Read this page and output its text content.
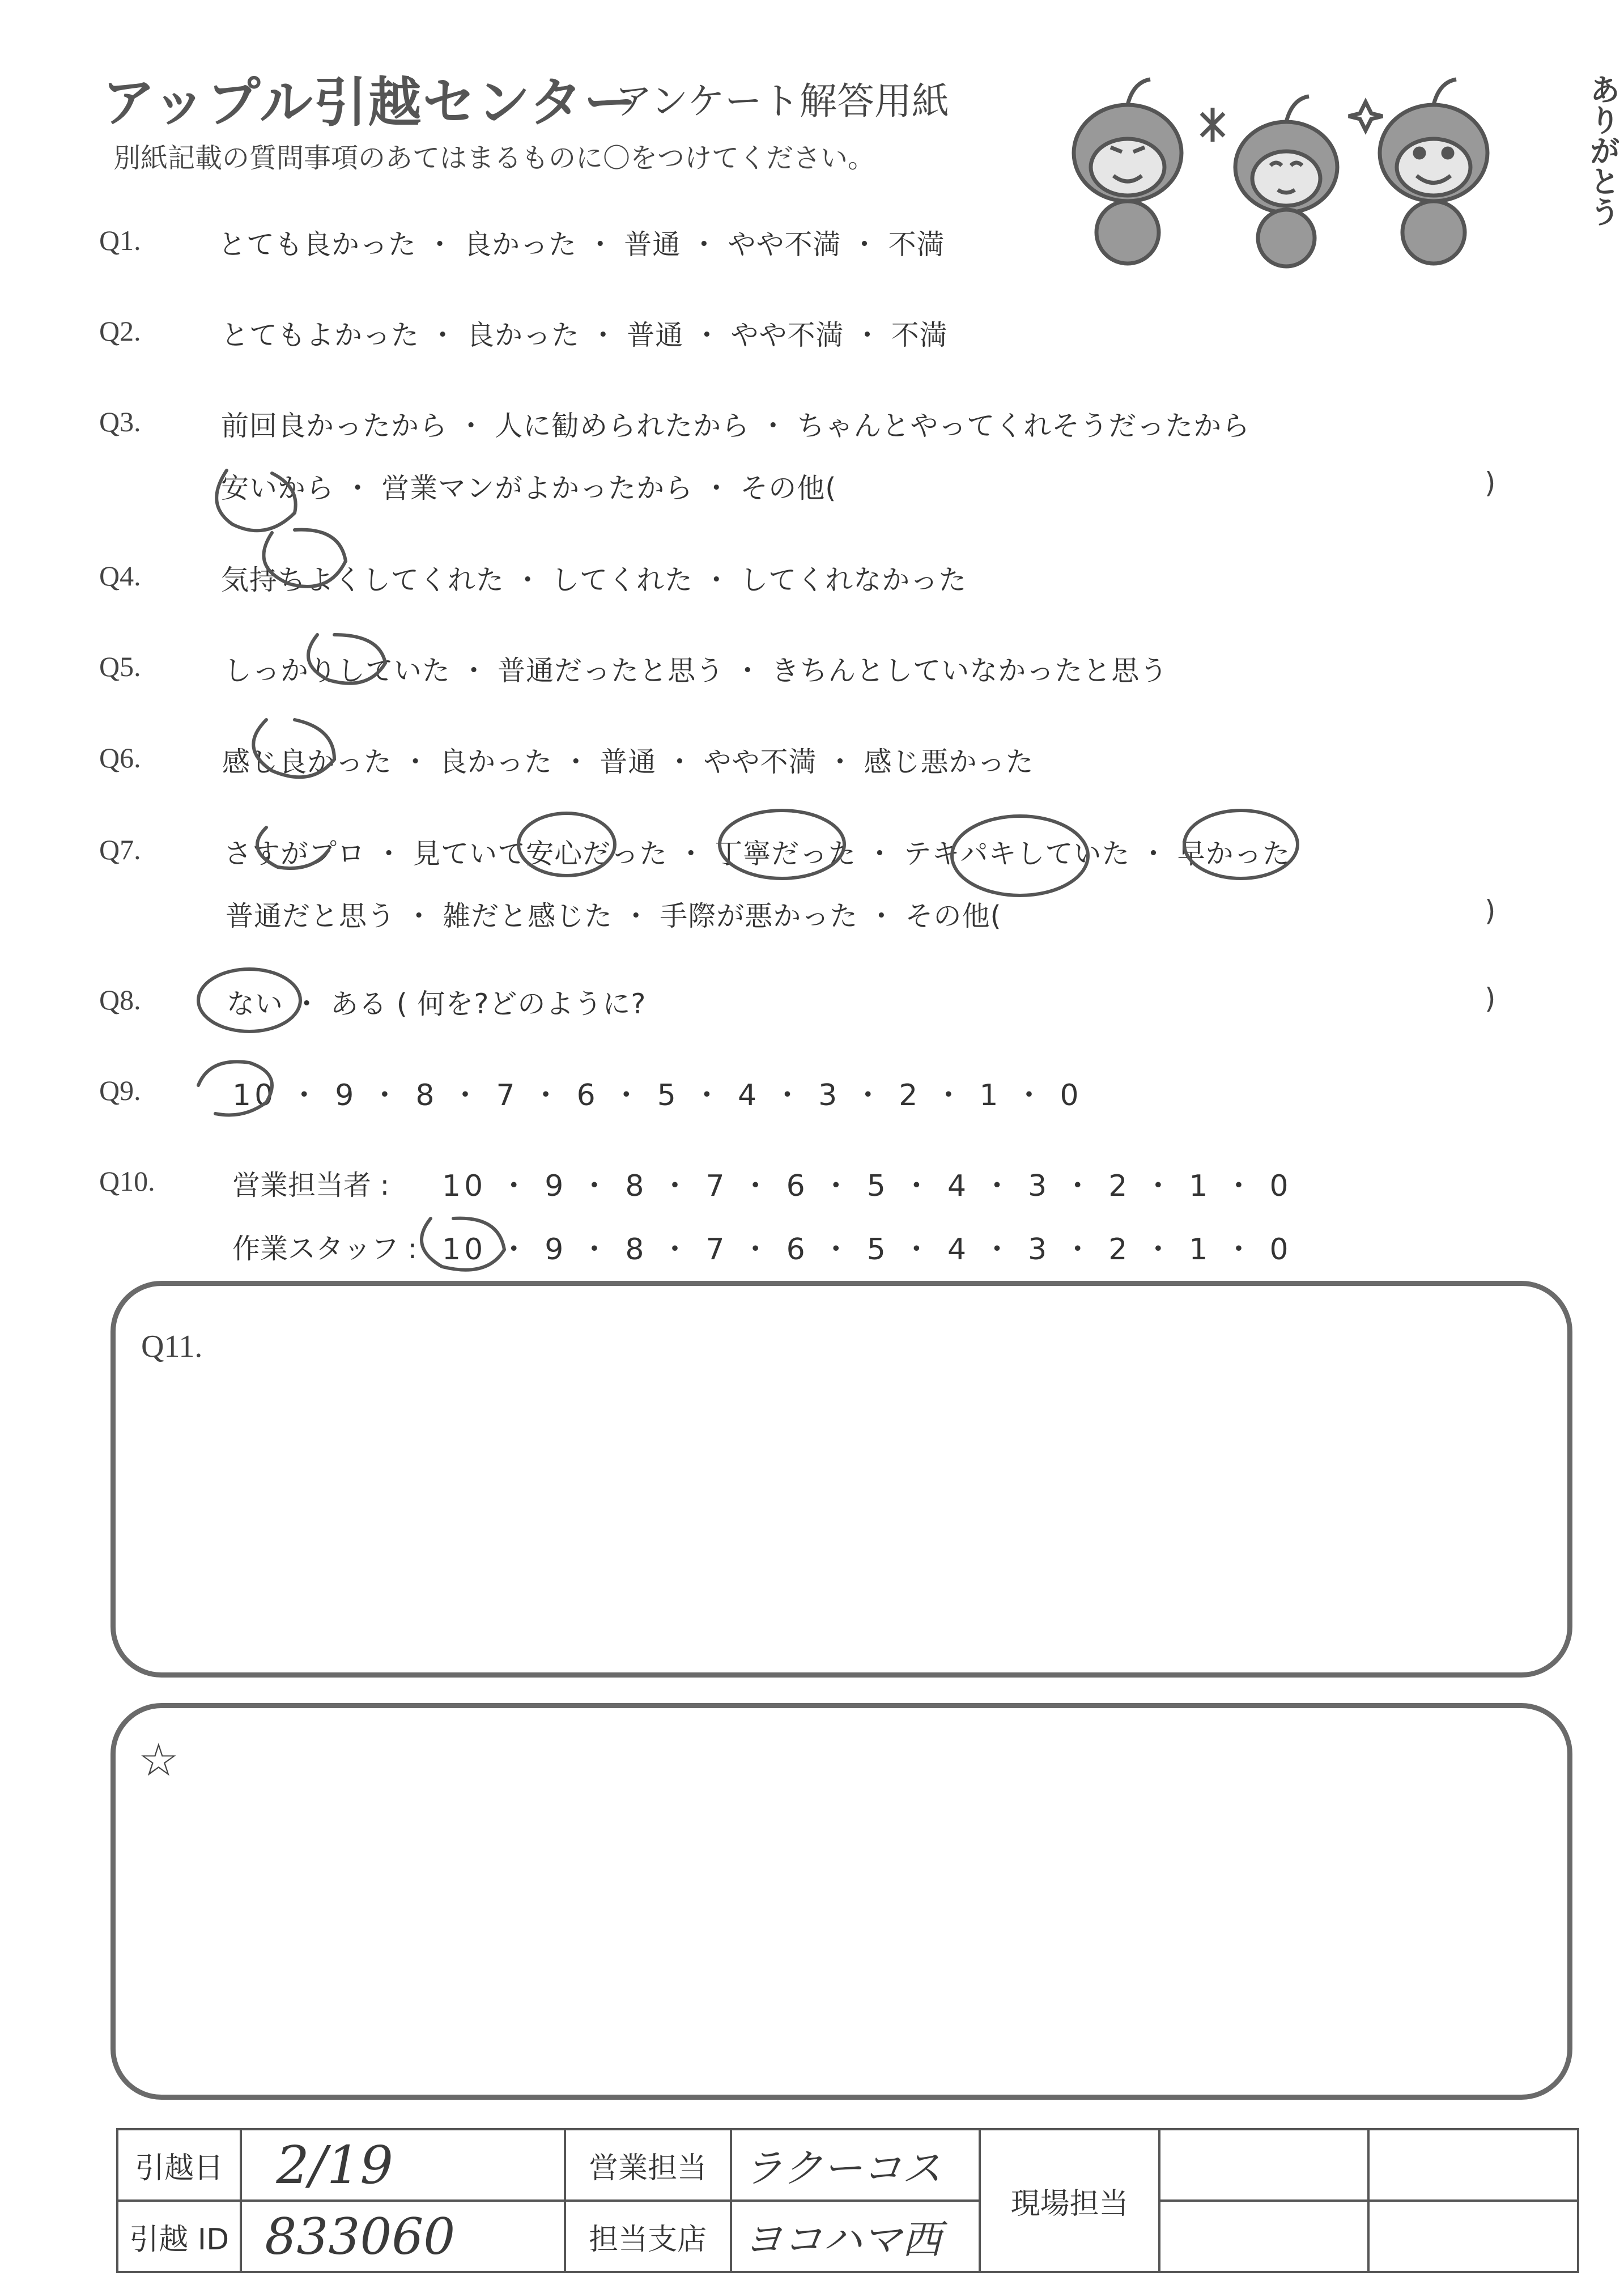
アップル引越センター
アンケート解答用紙
別紙記載の質問事項のあてはまるものに〇をつけてください。	ありがとう
Q1.	とても良かった ・ 良かった ・ 普通 ・ やや不満 ・ 不満
Q2.	とてもよかった ・ 良かった ・ 普通 ・ やや不満 ・ 不満
Q3.	前回良かったから ・ 人に勧められたから ・ ちゃんとやってくれそうだったから
安いから ・ 営業マンがよかったから ・ その他(	)
Q4.	気持ちよくしてくれた ・ してくれた ・ してくれなかった
Q5.	しっかりしていた ・ 普通だったと思う ・ きちんとしていなかったと思う
Q6.	感じ良かった ・ 良かった ・ 普通 ・ やや不満 ・ 感じ悪かった
Q7.	さすがプロ ・ 見ていて安心だった ・ 丁寧だった ・ テキパキしていた ・ 早かった
普通だと思う ・ 雑だと感じた ・ 手際が悪かった ・ その他(	)
Q8.	ない ・ ある ( 何を?どのように?	)
Q9.	10 ・ 9 ・ 8 ・ 7 ・ 6 ・ 5 ・ 4 ・ 3 ・ 2 ・ 1 ・ 0
Q10.	営業担当者 : 10 ・ 9 ・ 8 ・ 7 ・ 6 ・ 5 ・ 4 ・ 3 ・ 2 ・ 1 ・ 0
作業スタッフ : 10 ・ 9 ・ 8 ・ 7 ・ 6 ・ 5 ・ 4 ・ 3 ・ 2 ・ 1 ・ 0
Q11.
☆
引越日	2/19	営業担当	ラクーコス	現場担当		
引越 ID	833060	担当支店	ヨコハマ西			
